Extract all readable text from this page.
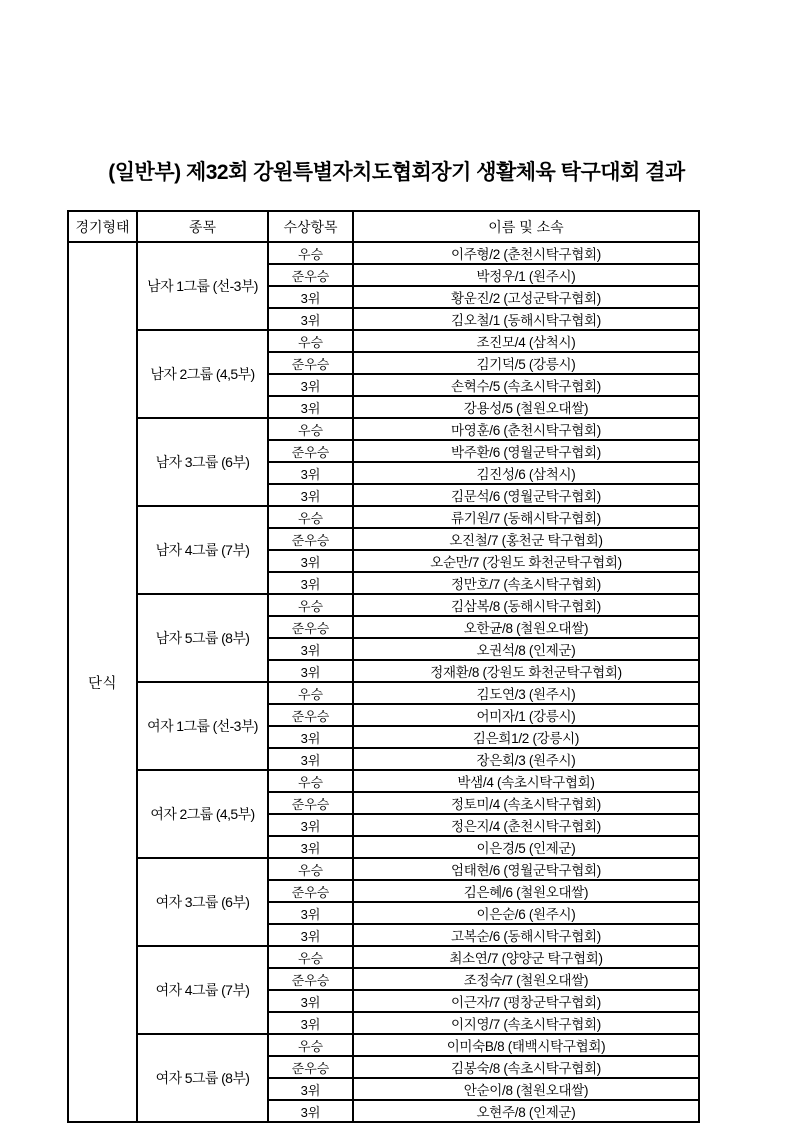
(일반부) 제32회 강원특별자치도협회장기 생활체육 탁구대회 결과
경기형태	종목	수상항목	이름 및 소속
단식	남자 1그룹 (선-3부)	우승	이주형/2 (춘천시탁구협회)
		준우승	박정우/1 (원주시)
		3위	황운진/2 (고성군탁구협회)
		3위	김오철/1 (동해시탁구협회)
	남자 2그룹 (4,5부)	우승	조진모/4 (삼척시)
		준우승	김기덕/5 (강릉시)
		3위	손혁수/5 (속초시탁구협회)
		3위	강용성/5 (철원오대쌀)
	남자 3그룹 (6부)	우승	마영훈/6 (춘천시탁구협회)
		준우승	박주환/6 (영월군탁구협회)
		3위	김진성/6 (삼척시)
		3위	김문석/6 (영월군탁구협회)
	남자 4그룹 (7부)	우승	류기원/7 (동해시탁구협회)
		준우승	오진철/7 (홍천군 탁구협회)
		3위	오순만/7 (강원도 화천군탁구협회)
		3위	정만호/7 (속초시탁구협회)
	남자 5그룹 (8부)	우승	김삼복/8 (동해시탁구협회)
		준우승	오한균/8 (철원오대쌀)
		3위	오권석/8 (인제군)
		3위	정재환/8 (강원도 화천군탁구협회)
	여자 1그룹 (선-3부)	우승	김도연/3 (원주시)
		준우승	어미자/1 (강릉시)
		3위	김은희1/2 (강릉시)
		3위	장은회/3 (원주시)
	여자 2그룹 (4,5부)	우승	박샘/4 (속초시탁구협회)
		준우승	정토미/4 (속초시탁구협회)
		3위	정은지/4 (춘천시탁구협회)
		3위	이은경/5 (인제군)
	여자 3그룹 (6부)	우승	엄태현/6 (영월군탁구협회)
		준우승	김은혜/6 (철원오대쌀)
		3위	이은순/6 (원주시)
		3위	고복순/6 (동해시탁구협회)
	여자 4그룹 (7부)	우승	최소연/7 (양양군 탁구협회)
		준우승	조정숙/7 (철원오대쌀)
		3위	이근자/7 (평창군탁구협회)
		3위	이지영/7 (속초시탁구협회)
	여자 5그룹 (8부)	우승	이미숙B/8 (태백시탁구협회)
		준우승	김봉숙/8 (속초시탁구협회)
		3위	안순이/8 (철원오대쌀)
		3위	오현주/8 (인제군)
